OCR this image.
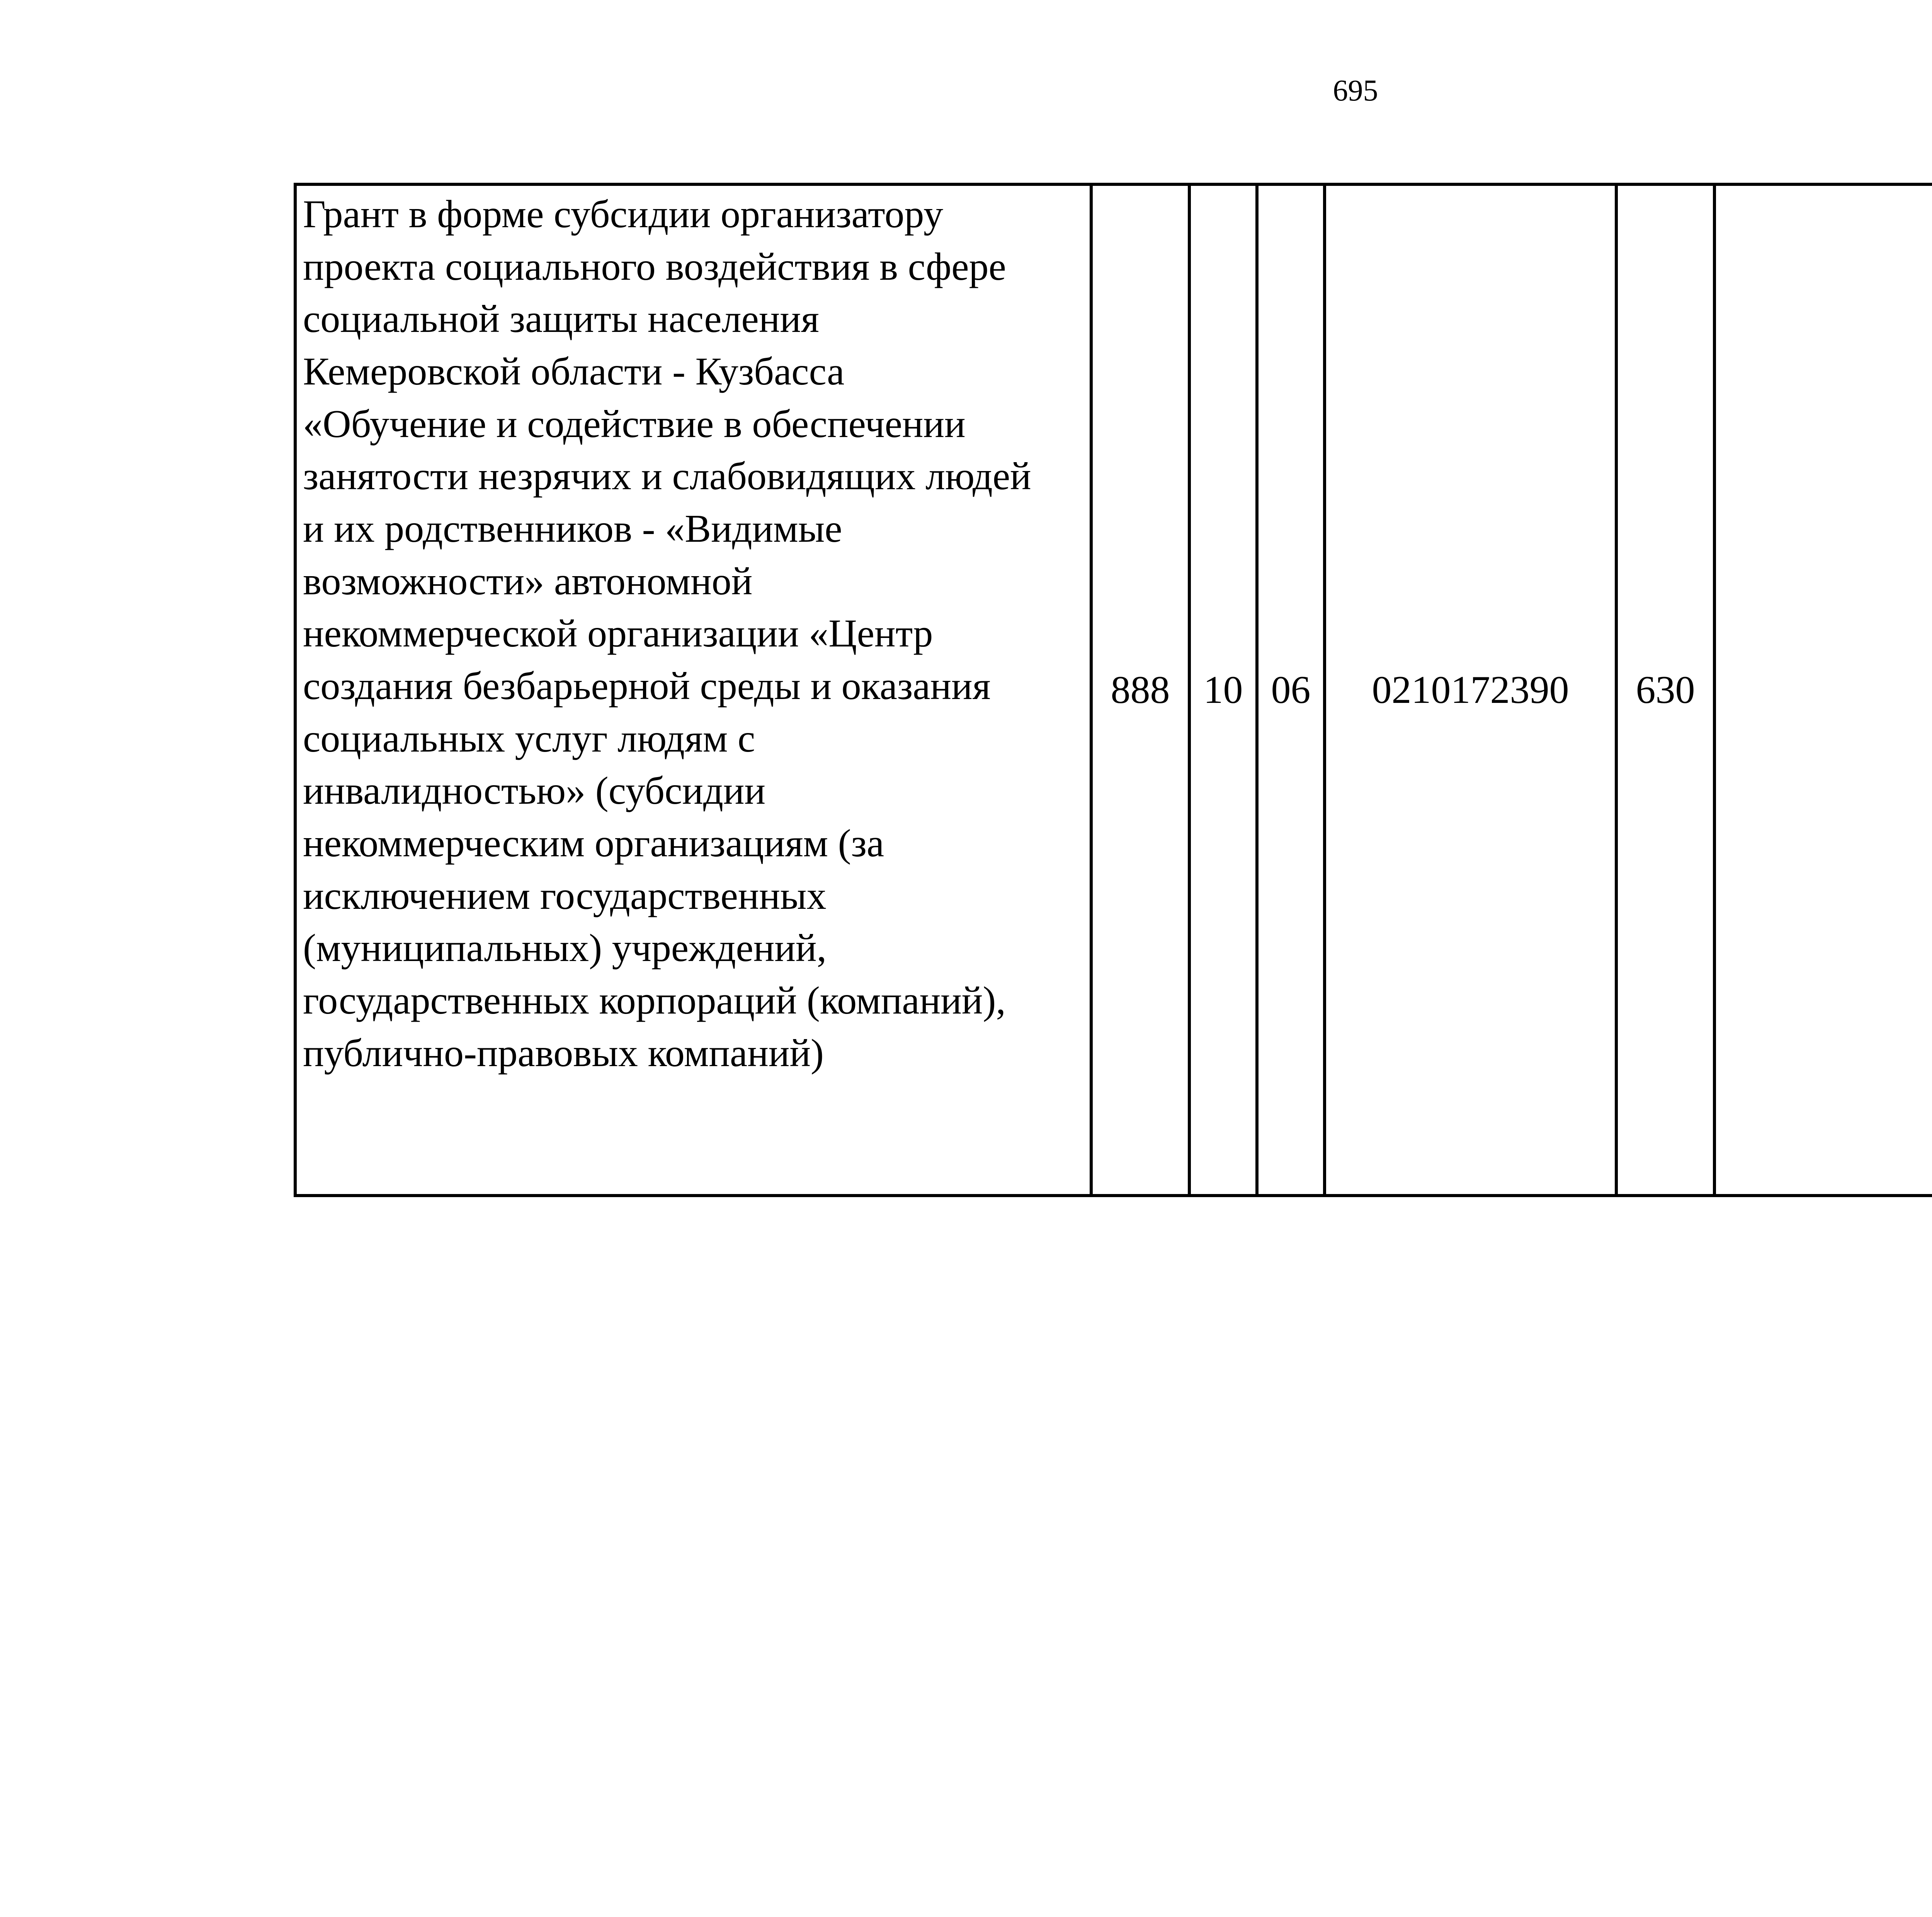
695
Грант в форме субсидии организатору
проекта социального воздействия в сфере
социальной защиты населения
Кемеровской области - Кузбасса
«Обучение и содействие в обеспечении
занятости незрячих и слабовидящих людей
и их родственников - «Видимые
возможности» автономной
некоммерческой организации «Центр
создания безбарьерной среды и оказания
социальных услуг людям с
инвалидностью» (субсидии
некоммерческим организациям (за
исключением государственных
(муниципальных) учреждений,
государственных корпораций (компаний),
публично-правовых компаний)
	888	10	06	0210172390	630			
